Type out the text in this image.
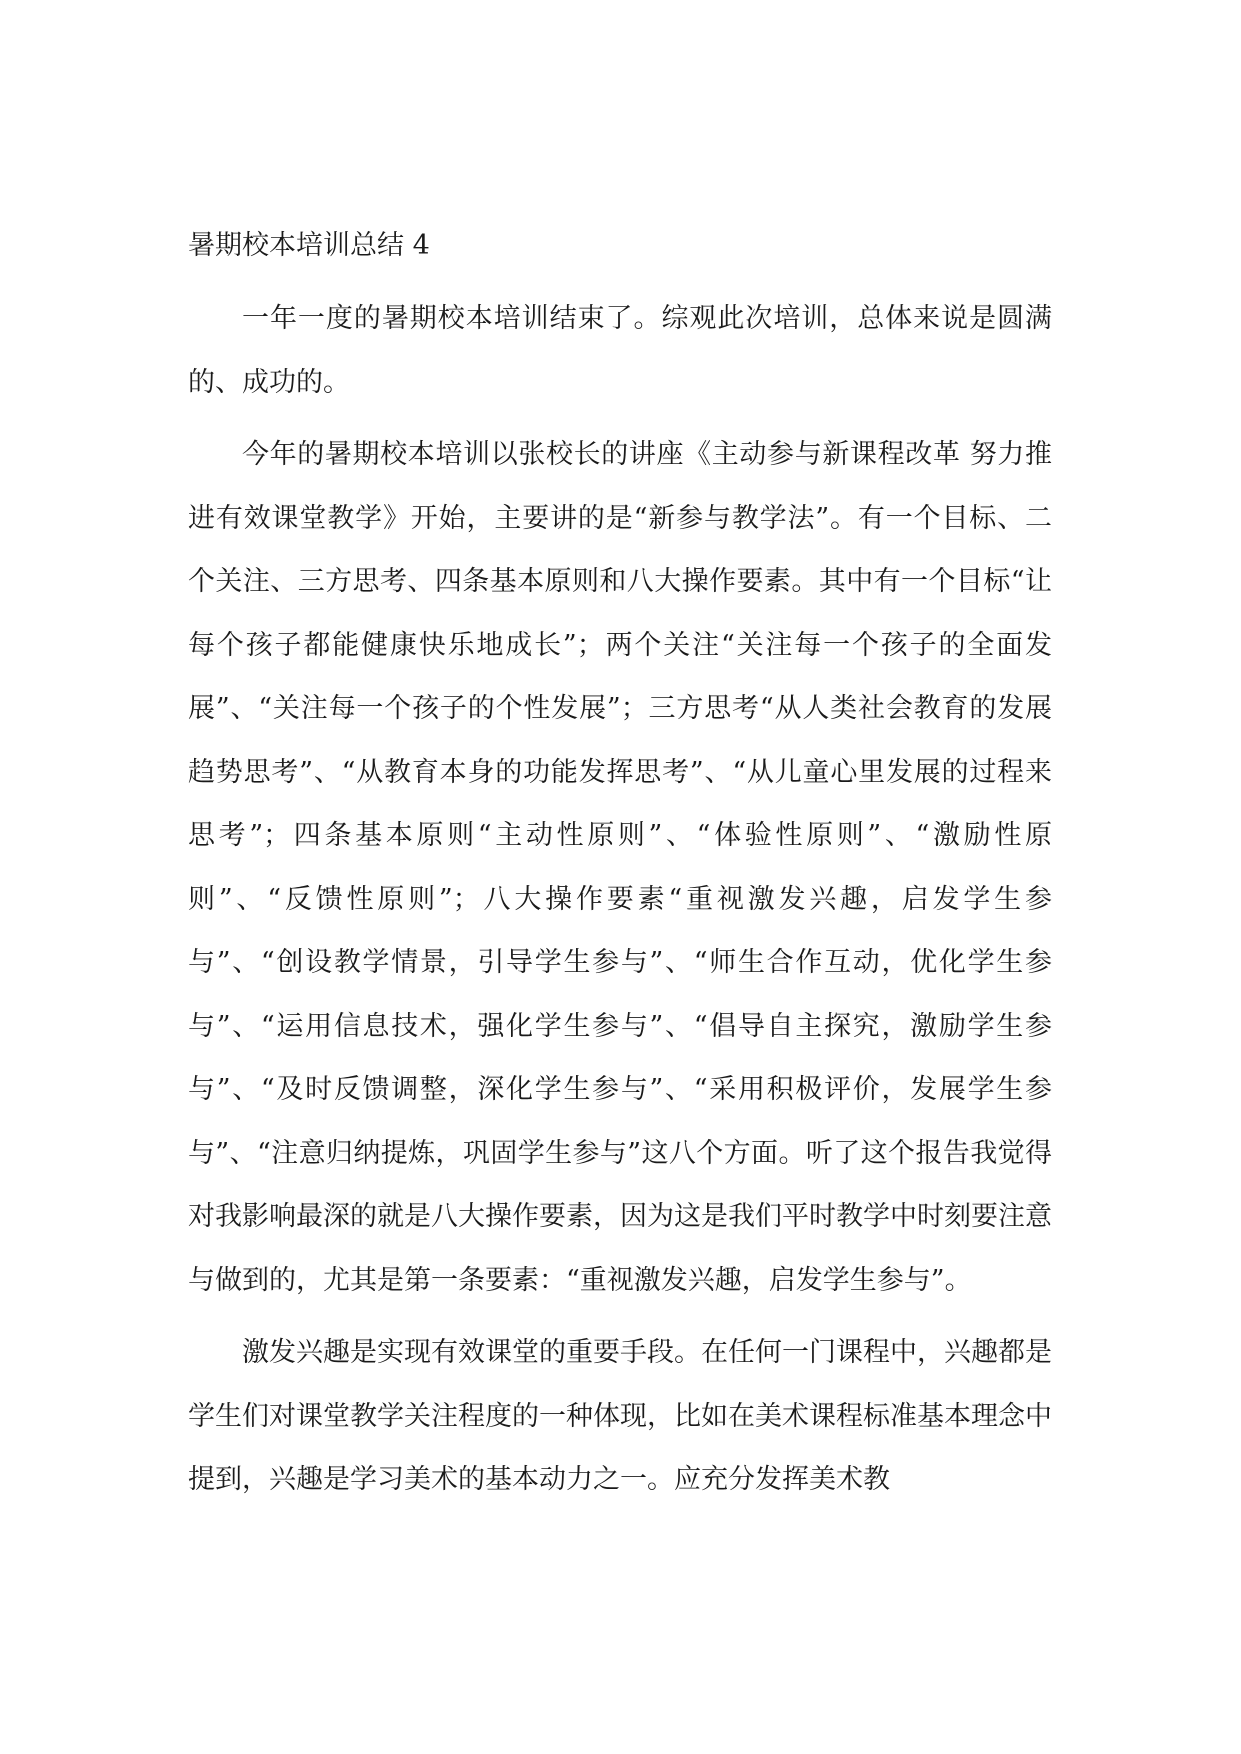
暑期校本培训总结 4

一年一度的暑期校本培训结束了。综观此次培训，总体来说是圆满的、成功的。

今年的暑期校本培训以张校长的讲座《主动参与新课程改革 努力推进有效课堂教学》开始，主要讲的是“新参与教学法”。有一个目标、二个关注、三方思考、四条基本原则和八大操作要素。其中有一个目标“让每个孩子都能健康快乐地成长”；两个关注“关注每一个孩子的全面发展”、“关注每一个孩子的个性发展”；三方思考“从人类社会教育的发展趋势思考”、“从教育本身的功能发挥思考”、“从儿童心里发展的过程来思考”；四条基本原则“主动性原则”、“体验性原则”、“激励性原则”、“反馈性原则”；八大操作要素“重视激发兴趣，启发学生参与”、“创设教学情景，引导学生参与”、“师生合作互动，优化学生参与”、“运用信息技术，强化学生参与”、“倡导自主探究，激励学生参与”、“及时反馈调整，深化学生参与”、“采用积极评价，发展学生参与”、“注意归纳提炼，巩固学生参与”这八个方面。听了这个报告我觉得对我影响最深的就是八大操作要素，因为这是我们平时教学中时刻要注意与做到的，尤其是第一条要素：“重视激发兴趣，启发学生参与”。

激发兴趣是实现有效课堂的重要手段。在任何一门课程中，兴趣都是学生们对课堂教学关注程度的一种体现，比如在美术课程标准基本理念中提到，兴趣是学习美术的基本动力之一。应充分发挥美术教
